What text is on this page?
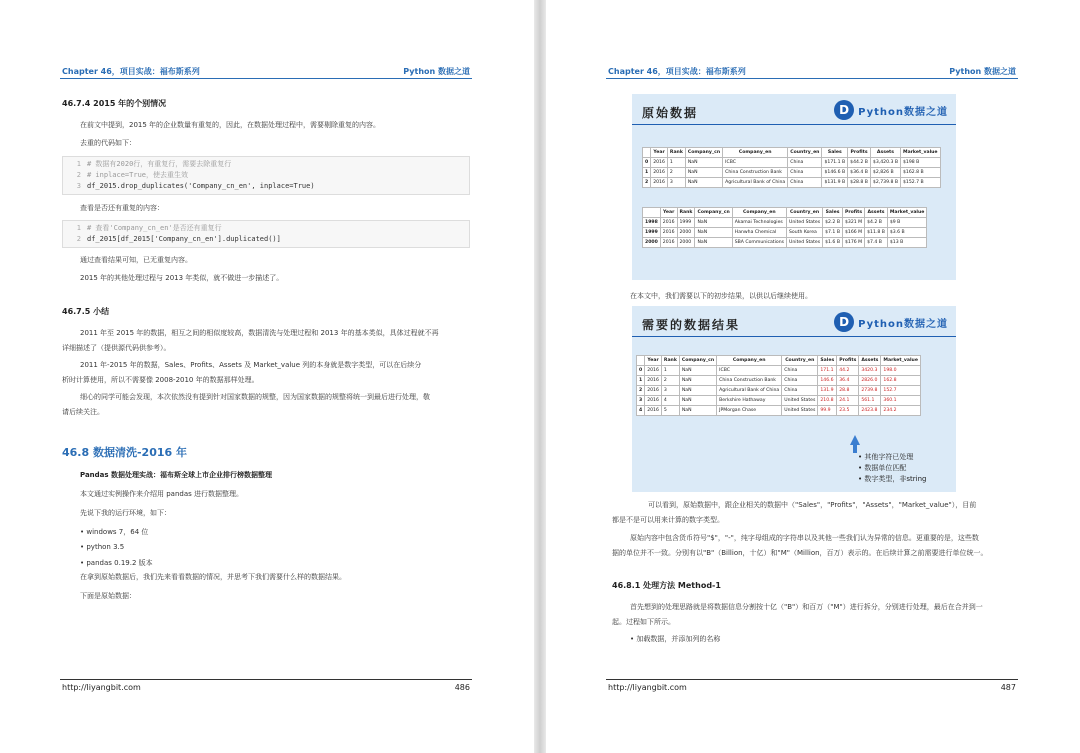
Chapter 46，项目实战：福布斯系列	Python 数据之道
46.7.4 2015 年的个别情况
在前文中提到，2015 年的企业数量有重复的，因此，在数据处理过程中，需要剔除重复的内容。
去重的代码如下：
1 # 数据有2020行，有重复行，需要去除重复行
2 # inplace=True，使去重生效
3 df_2015.drop_duplicates('Company_cn_en', inplace=True)
查看是否还有重复的内容：
1 # 查看'Company_cn_en'是否还有重复行
2 df_2015[df_2015['Company_cn_en'].duplicated()]
通过查看结果可知，已无重复内容。
2015 年的其他处理过程与 2013 年类似，就不做进一步描述了。
46.7.5 小结
2011 年至 2015 年的数据，相互之间的相似度较高，数据清洗与处理过程和 2013 年的基本类似，具体过程就不再
详细描述了（提供源代码供参考）。
2011 年-2015 年的数据，Sales、Profits、Assets 及 Market_value 列的本身就是数字类型，可以在后续分
析时计算使用，所以不需要像 2008-2010 年的数据那样处理。
细心的同学可能会发现，本次依然没有提到针对国家数据的规整，因为国家数据的规整将统一到最后进行处理，敬
请后续关注。
46.8 数据清洗-2016 年
Pandas 数据处理实战：福布斯全球上市企业排行榜数据整理
本文通过实例操作来介绍用 pandas 进行数据整理。
先说下我的运行环境，如下：
• windows 7，64 位
• python 3.5
• pandas 0.19.2 版本
在拿到原始数据后，我们先来看看数据的情况，并思考下我们需要什么样的数据结果。
下面是原始数据：
http://liyangbit.com	486
Chapter 46，项目实战：福布斯系列	Python 数据之道
http://liyangbit.com	487
原始数据	D Python数据之道
	Year	Rank	Company_cn	Company_en	Country_en	Sales	Profits	Assets	Market_value
0	2016	1	NaN	ICBC	China	$171.1 B	$44.2 B	$3,420.3 B	$198 B
1	2016	2	NaN	China Construction Bank	China	$146.6 B	$36.4 B	$2,826 B	$162.8 B
2	2016	3	NaN	Agricultural Bank of China	China	$131.9 B	$28.8 B	$2,739.8 B	$152.7 B
	Year	Rank	Company_cn	Company_en	Country_en	Sales	Profits	Assets	Market_value
1998	2016	1999	NaN	Akamai Technologies	United States	$2.2 B	$321 M	$4.2 B	$9 B
1999	2016	2000	NaN	Hanwha Chemical	South Korea	$7.1 B	$166 M	$11.8 B	$3.6 B
2000	2016	2000	NaN	SBA Communications	United States	$1.6 B	$176 M	$7.4 B	$13 B
在本文中，我们需要以下的初步结果，以供以后继续使用。
需要的数据结果	D Python数据之道
	Year	Rank	Company_cn	Company_en	Country_en	Sales	Profits	Assets	Market_value
0	2016	1	NaN	ICBC	China	171.1	44.2	3420.3	198.0
1	2016	2	NaN	China Construction Bank	China	146.6	36.4	2826.0	162.8
2	2016	3	NaN	Agricultural Bank of China	China	131.9	28.8	2739.8	152.7
3	2016	4	NaN	Berkshire Hathaway	United States	210.8	24.1	561.1	360.1
4	2016	5	NaN	JPMorgan Chase	United States	99.9	23.5	2423.8	234.2
• 其他字符已处理
• 数据单位匹配
• 数字类型，非string
可以看到，原始数据中，跟企业相关的数据中（"Sales"，"Profits"，"Assets"，"Market_value"），目前
都是不是可以用来计算的数字类型。
原始内容中包含货币符号"$"，"-"，纯字母组成的字符串以及其他一些我们认为异常的信息。更重要的是，这些数
据的单位并不一致。分别有以"B"（Billion，十亿）和"M"（Million，百万）表示的。在后续计算之前需要进行单位统一。
46.8.1 处理方法 Method-1
首先想到的处理思路就是将数据信息分割按十亿（"B"）和百万（"M"）进行拆分，分别进行处理，最后在合并到一
起。过程如下所示。
• 加载数据，并添加列的名称
